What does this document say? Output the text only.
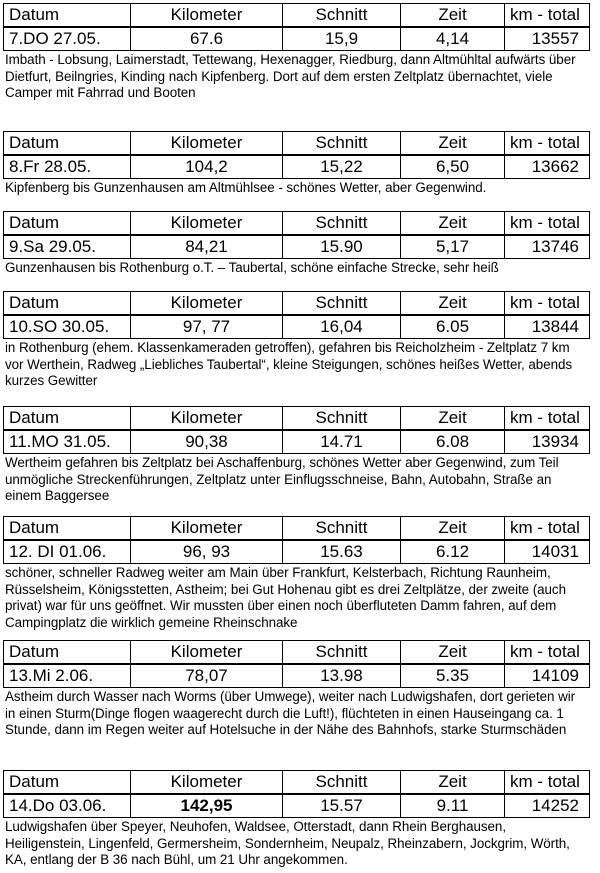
Datum	Kilometer	Schnitt	Zeit	km - total
7.DO 27.05.	67.6	15,9	4,14	13557
Imbath - Lobsung, Laimerstadt, Tettewang, Hexenagger, Riedburg, dann Altmühltal aufwärts über Dietfurt, Beilngries, Kinding nach Kipfenberg. Dort auf dem ersten Zeltplatz übernachtet, viele Camper mit Fahrrad und Booten
Datum	Kilometer	Schnitt	Zeit	km - total
8.Fr 28.05.	104,2	15,22	6,50	13662
Kipfenberg bis Gunzenhausen am Altmühlsee - schönes Wetter, aber Gegenwind.
Datum	Kilometer	Schnitt	Zeit	km - total
9.Sa 29.05.	84,21	15.90	5,17	13746
Gunzenhausen bis Rothenburg o.T. – Taubertal, schöne einfache Strecke, sehr heiß
Datum	Kilometer	Schnitt	Zeit	km - total
10.SO 30.05.	97, 77	16,04	6.05	13844
in Rothenburg (ehem. Klassenkameraden getroffen), gefahren bis Reicholzheim - Zeltplatz 7 km vor Werthein, Radweg „Liebliches Taubertal“, kleine Steigungen, schönes heißes Wetter, abends kurzes Gewitter
Datum	Kilometer	Schnitt	Zeit	km - total
11.MO 31.05.	90,38	14.71	6.08	13934
Wertheim gefahren bis Zeltplatz bei Aschaffenburg, schönes Wetter aber Gegenwind, zum Teil unmögliche Streckenführungen, Zeltplatz unter Einflugsschneise, Bahn, Autobahn, Straße an einem Baggersee
Datum	Kilometer	Schnitt	Zeit	km - total
12. DI 01.06.	96, 93	15.63	6.12	14031
schöner, schneller Radweg weiter am Main über Frankfurt, Kelsterbach, Richtung Raunheim, Rüsselsheim, Königsstetten, Astheim; bei Gut Hohenau gibt es drei Zeltplätze, der zweite (auch privat) war für uns geöffnet. Wir mussten über einen noch überfluteten Damm fahren, auf dem Campingplatz die wirklich gemeine Rheinschnake
Datum	Kilometer	Schnitt	Zeit	km - total
13.Mi 2.06.	78,07	13.98	5.35	14109
Astheim durch Wasser nach Worms (über Umwege), weiter nach Ludwigshafen, dort gerieten wir in einen Sturm(Dinge flogen waagerecht durch die Luft!), flüchteten in einen Hauseingang ca. 1 Stunde, dann im Regen weiter auf Hotelsuche in der Nähe des Bahnhofs, starke Sturmschäden
Datum	Kilometer	Schnitt	Zeit	km - total
14.Do 03.06.	142,95	15.57	9.11	14252
Ludwigshafen über Speyer, Neuhofen, Waldsee, Otterstadt, dann Rhein Berghausen, Heiligenstein, Lingenfeld, Germersheim, Sondernheim, Neupalz, Rheinzabern, Jockgrim, Wörth, KA, entlang der B 36 nach Bühl, um 21 Uhr angekommen.
